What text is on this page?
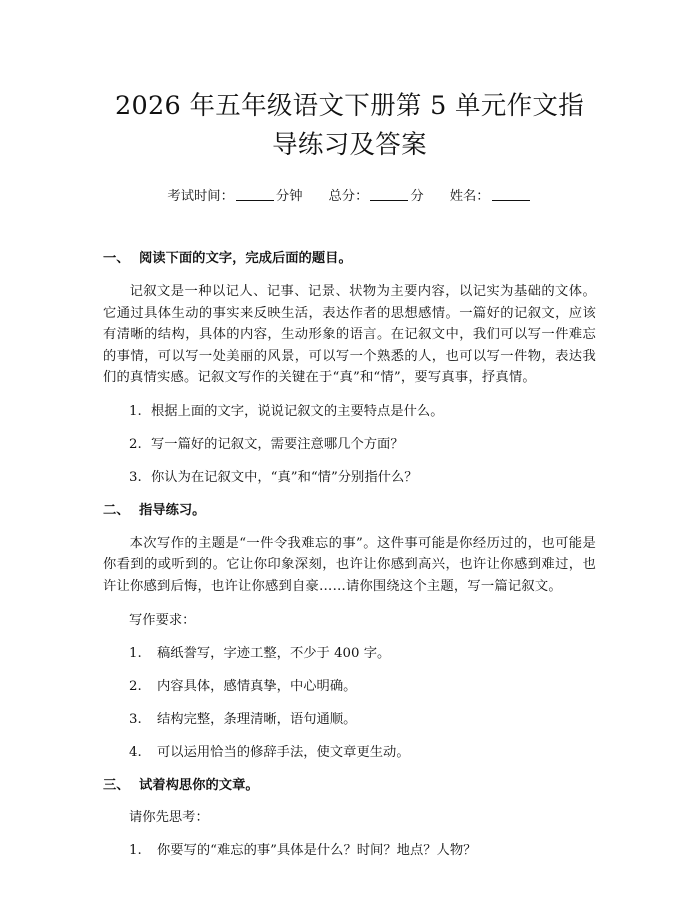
2026 年五年级语文下册第 5 单元作文指导练习及答案
考试时间：	分钟 总分：	分 姓名：
一、 阅读下面的文字，完成后面的题目。

记叙文是一种以记人、记事、记景、状物为主要内容，以记实为基础的文体。它通过具体生动的事实来反映生活，表达作者的思想感情。一篇好的记叙文，应该有清晰的结构，具体的内容，生动形象的语言。在记叙文中，我们可以写一件难忘的事情，可以写一处美丽的风景，可以写一个熟悉的人，也可以写一件物，表达我们的真情实感。记叙文写作的关键在于“真”和“情”，要写真事，抒真情。

1. 根据上面的文字，说说记叙文的主要特点是什么。
2. 写一篇好的记叙文，需要注意哪几个方面？
3. 你认为在记叙文中，“真”和“情”分别指什么？
二、 指导练习。

本次写作的主题是“一件令我难忘的事”。这件事可能是你经历过的，也可能是你看到的或听到的。它让你印象深刻，也许让你感到高兴，也许让你感到难过，也许让你感到后悔，也许让你感到自豪……请你围绕这个主题，写一篇记叙文。

写作要求：
1. 稿纸誊写，字迹工整，不少于 400 字。
2. 内容具体，感情真挚，中心明确。
3. 结构完整，条理清晰，语句通顺。
4. 可以运用恰当的修辞手法，使文章更生动。
三、 试着构思你的文章。
请你先思考：
1. 你要写的“难忘的事”具体是什么？时间？地点？人物？
